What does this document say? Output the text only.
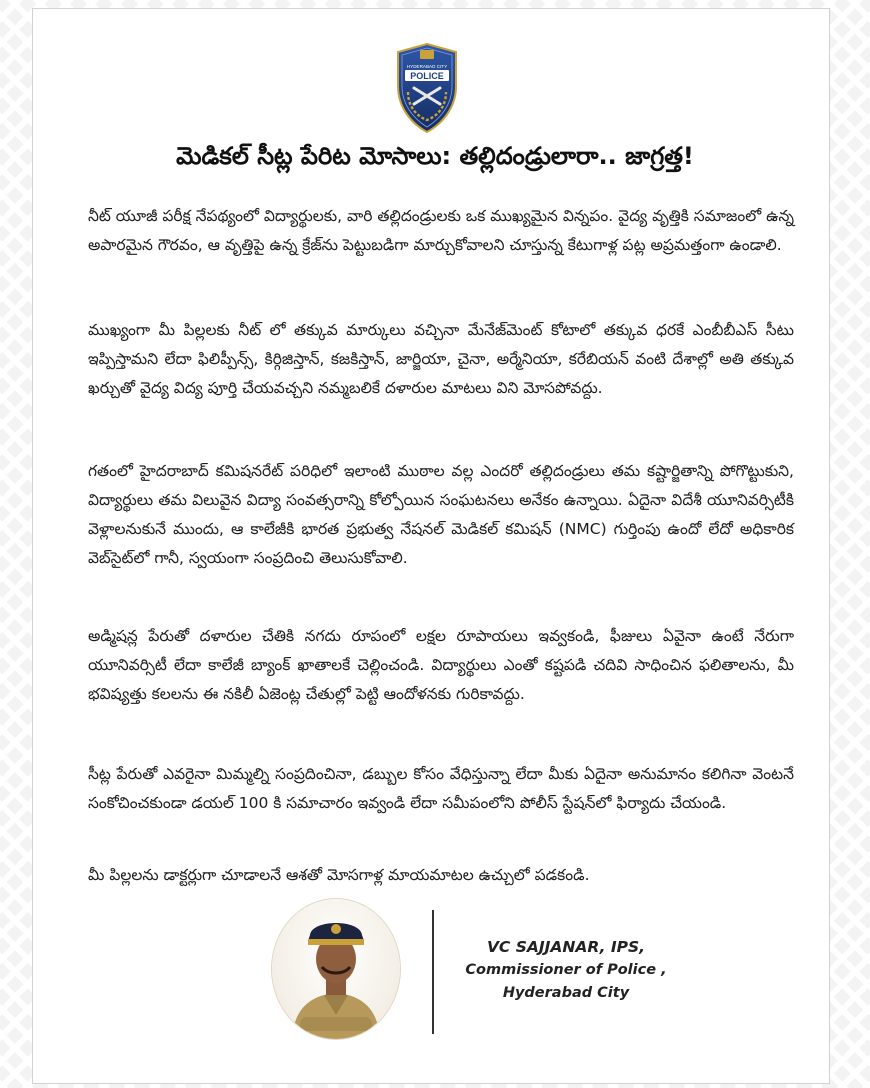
HYDERABAD CITY
POLICE
మెడికల్ సీట్ల పేరిట మోసాలు: తల్లిదండ్రులారా.. జాగ్రత్త!

నీట్ యూజీ పరీక్ష నేపథ్యంలో విద్యార్థులకు, వారి తల్లిదండ్రులకు ఒక ముఖ్యమైన విన్నపం. వైద్య వృత్తికి సమాజంలో ఉన్న అపారమైన గౌరవం, ఆ వృత్తిపై ఉన్న క్రేజ్‌ను పెట్టుబడిగా మార్చుకోవాలని చూస్తున్న కేటుగాళ్ల పట్ల అప్రమత్తంగా ఉండాలి.

ముఖ్యంగా మీ పిల్లలకు నీట్ లో తక్కువ మార్కులు వచ్చినా మేనేజ్‌మెంట్ కోటాలో తక్కువ ధరకే ఎంబీబీఎస్ సీటు ఇప్పిస్తామని లేదా ఫిలిప్పీన్స్, కిర్గిజిస్తాన్, కజకిస్తాన్, జార్జియా, చైనా, అర్మేనియా, కరేబియన్ వంటి దేశాల్లో అతి తక్కువ ఖర్చుతో వైద్య విద్య పూర్తి చేయవచ్చని నమ్మబలికే దళారుల మాటలు విని మోసపోవద్దు.

గతంలో హైదరాబాద్ కమిషనరేట్ పరిధిలో ఇలాంటి ముఠాల వల్ల ఎందరో తల్లిదండ్రులు తమ కష్టార్జితాన్ని పోగొట్టుకుని, విద్యార్థులు తమ విలువైన విద్యా సంవత్సరాన్ని కోల్పోయిన సంఘటనలు అనేకం ఉన్నాయి. ఏదైనా విదేశీ యూనివర్సిటీకి వెళ్లాలనుకునే ముందు, ఆ కాలేజీకి భారత ప్రభుత్వ నేషనల్ మెడికల్ కమిషన్ (NMC) గుర్తింపు ఉందో లేదో అధికారిక వెబ్‌సైట్‌లో గానీ, స్వయంగా సంప్రదించి తెలుసుకోవాలి.

అడ్మిషన్ల పేరుతో దళారుల చేతికి నగదు రూపంలో లక్షల రూపాయలు ఇవ్వకండి, ఫీజులు ఏవైనా ఉంటే నేరుగా యూనివర్సిటీ లేదా కాలేజీ బ్యాంక్ ఖాతాలకే చెల్లించండి. విద్యార్థులు ఎంతో కష్టపడి చదివి సాధించిన ఫలితాలను, మీ భవిష్యత్తు కలలను ఈ నకిలీ ఏజెంట్ల చేతుల్లో పెట్టి ఆందోళనకు గురికావద్దు.

సీట్ల పేరుతో ఎవరైనా మిమ్మల్ని సంప్రదించినా, డబ్బుల కోసం వేధిస్తున్నా లేదా మీకు ఏదైనా అనుమానం కలిగినా వెంటనే సంకోచించకుండా డయల్ 100 కి సమాచారం ఇవ్వండి లేదా సమీపంలోని పోలీస్ స్టేషన్‌లో ఫిర్యాదు చేయండి.

మీ పిల్లలను డాక్టర్లుగా చూడాలనే ఆశతో మోసగాళ్ల మాయమాటల ఉచ్చులో పడకండి.

VC SAJJANAR, IPS,
Commissioner of Police ,
Hyderabad City
